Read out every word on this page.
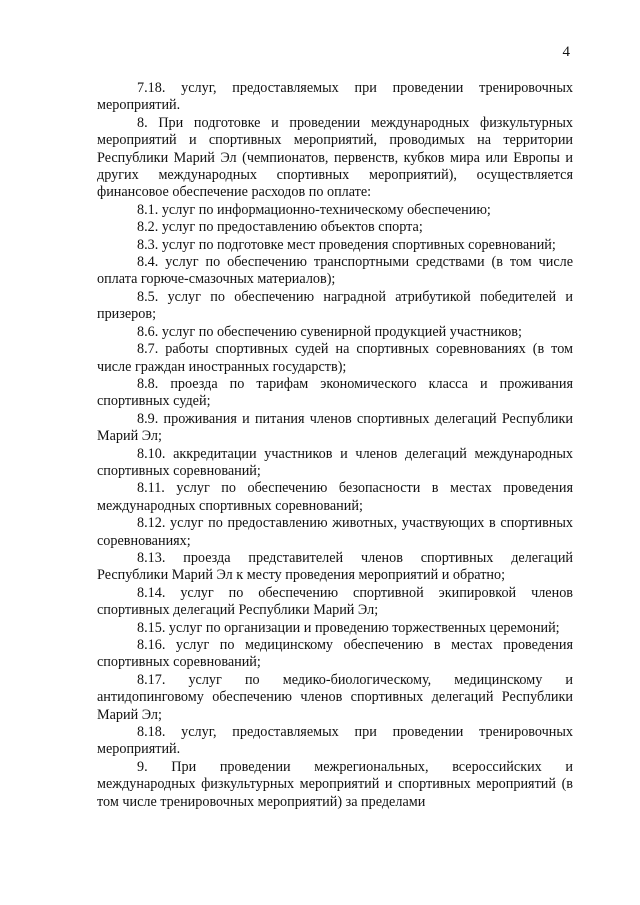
4

7.18. услуг, предоставляемых при проведении тренировочных мероприятий.

8. При подготовке и проведении международных физкультурных мероприятий и спортивных мероприятий, проводимых на территории Республики Марий Эл (чемпионатов, первенств, кубков мира или Европы и других международных спортивных мероприятий), осуществляется финансовое обеспечение расходов по оплате:

8.1. услуг по информационно-техническому обеспечению;

8.2. услуг по предоставлению объектов спорта;

8.3. услуг по подготовке мест проведения спортивных соревнований;

8.4. услуг по обеспечению транспортными средствами (в том числе оплата горюче-смазочных материалов);

8.5. услуг по обеспечению наградной атрибутикой победителей и призеров;

8.6. услуг по обеспечению сувенирной продукцией участников;

8.7. работы спортивных судей на спортивных соревнованиях (в том числе граждан иностранных государств);

8.8. проезда по тарифам экономического класса и проживания спортивных судей;

8.9. проживания и питания членов спортивных делегаций Республики Марий Эл;

8.10. аккредитации участников и членов делегаций международных спортивных соревнований;

8.11. услуг по обеспечению безопасности в местах проведения международных спортивных соревнований;

8.12. услуг по предоставлению животных, участвующих в спортивных соревнованиях;

8.13. проезда представителей членов спортивных делегаций Республики Марий Эл к месту проведения мероприятий и обратно;

8.14. услуг по обеспечению спортивной экипировкой членов спортивных делегаций Республики Марий Эл;

8.15. услуг по организации и проведению торжественных церемоний;

8.16. услуг по медицинскому обеспечению в местах проведения спортивных соревнований;

8.17. услуг по медико-биологическому, медицинскому и антидопинговому обеспечению членов спортивных делегаций Республики Марий Эл;

8.18. услуг, предоставляемых при проведении тренировочных мероприятий.

9. При проведении межрегиональных, всероссийских и международных физкультурных мероприятий и спортивных мероприятий (в том числе тренировочных мероприятий) за пределами
